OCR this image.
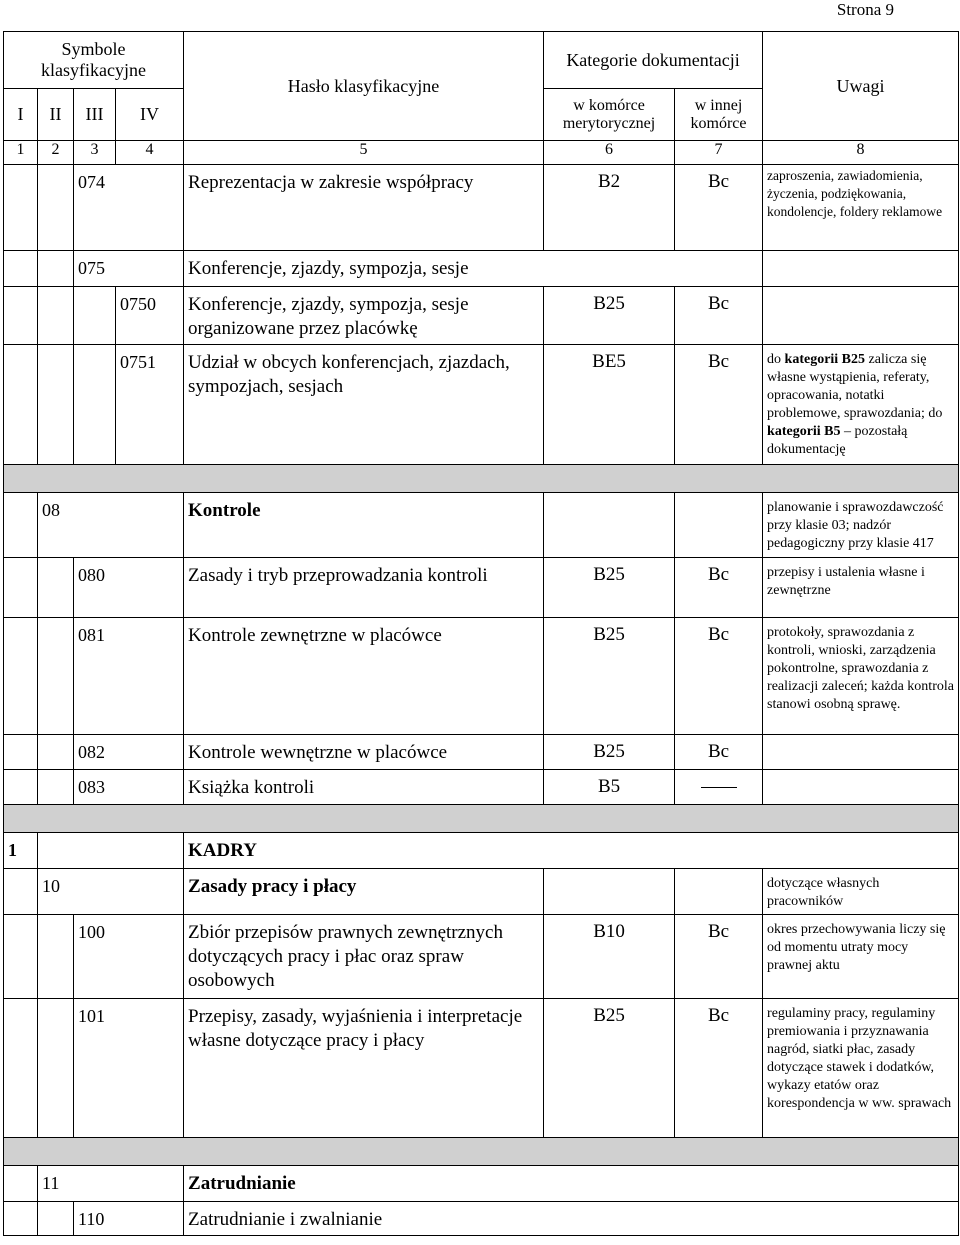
Strona 9
Symbole klasyfikacyjne				Hasło klasyfikacyjne	Kategorie dokumentacji		Uwagi
I	II	III	IV		w komórce merytorycznej	w innej komórce	
1	2	3	4	5	6	7	8
		074		Reprezentacja w zakresie współpracy	B2	Bc	zaproszenia, zawiadomienia, życzenia, podziękowania, kondolencje, foldery reklamowe
		075		Konferencje, zjazdy, sympozja, sesje			
			0750	Konferencje, zjazdy, sympozja, sesje organizowane przez placówkę	B25	Bc	
			0751	Udział w obcych konferencjach, zjazdach, sympozjach, sesjach	BE5	Bc	do kategorii B25 zalicza się własne wystąpienia, referaty, opracowania, notatki problemowe, sprawozdania; do kategorii B5 – pozostałą dokumentację

	08			Kontrole			planowanie i sprawozdawczość przy klasie 03; nadzór pedagogiczny przy klasie 417
		080		Zasady i tryb przeprowadzania kontroli	B25	Bc	przepisy i ustalenia własne i zewnętrzne
		081		Kontrole zewnętrzne w placówce	B25	Bc	protokoły, sprawozdania z kontroli, wnioski, zarządzenia pokontrolne, sprawozdania z realizacji zaleceń; każda kontrola stanowi osobną sprawę.
		082		Kontrole wewnętrzne w placówce	B25	Bc	
		083		Książka kontroli	B5		

1				KADRY			
	10			Zasady pracy i płacy			dotyczące własnych pracowników
		100		Zbiór przepisów prawnych zewnętrznych dotyczących pracy i płac oraz spraw osobowych	B10	Bc	okres przechowywania liczy się od momentu utraty mocy prawnej aktu
		101		Przepisy, zasady, wyjaśnienia i interpretacje własne dotyczące pracy i płacy	B25	Bc	regulaminy pracy, regulaminy premiowania i przyznawania nagród, siatki płac, zasady dotyczące stawek i dodatków, wykazy etatów oraz korespondencja w ww. sprawach

	11			Zatrudnianie			
		110		Zatrudnianie i zwalnianie			
